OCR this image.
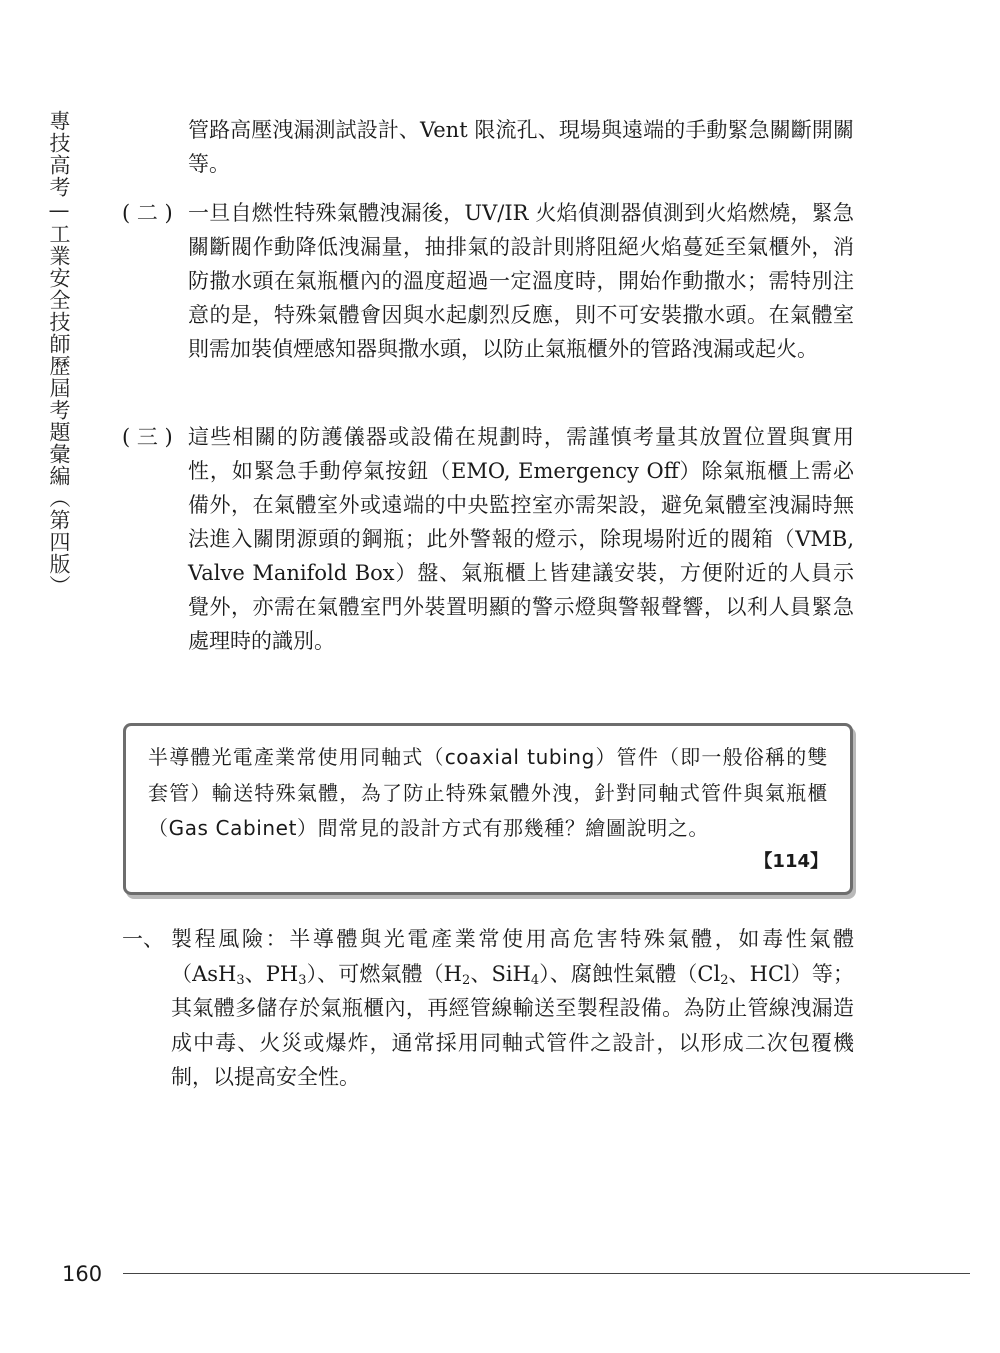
專技高考—工業安全技師歷屆考題彙編（第四版）	管路高壓洩漏測試設計、Vent 限流孔、現場與遠端的手動緊急關斷開關等。

( 二 ) 一旦自燃性特殊氣體洩漏後，UV/IR 火焰偵測器偵測到火焰燃燒，緊急關斷閥作動降低洩漏量，抽排氣的設計則將阻絕火焰蔓延至氣櫃外，消防撒水頭在氣瓶櫃內的溫度超過一定溫度時，開始作動撒水；需特別注意的是，特殊氣體會因與水起劇烈反應，則不可安裝撒水頭。在氣體室則需加裝偵煙感知器與撒水頭，以防止氣瓶櫃外的管路洩漏或起火。

( 三 ) 這些相關的防護儀器或設備在規劃時，需謹慎考量其放置位置與實用性，如緊急手動停氣按鈕（EMO, Emergency Off）除氣瓶櫃上需必備外，在氣體室外或遠端的中央監控室亦需架設，避免氣體室洩漏時無法進入關閉源頭的鋼瓶；此外警報的燈示，除現場附近的閥箱（VMB, Valve Manifold Box）盤、氣瓶櫃上皆建議安裝，方便附近的人員示覺外，亦需在氣體室門外裝置明顯的警示燈與警報聲響，以利人員緊急處理時的識別。

半導體光電產業常使用同軸式（coaxial tubing）管件（即一般俗稱的雙套管）輸送特殊氣體，為了防止特殊氣體外洩，針對同軸式管件與氣瓶櫃（Gas Cabinet）間常見的設計方式有那幾種？繪圖說明之。

【114】
一、 製程風險：半導體與光電產業常使用高危害特殊氣體，如毒性氣體（AsH$_3$、$PH_3$）、可燃氣體（$H_2$、SiH$_4$）、腐蝕性氣體（$Cl_2$、HCl）等；其氣體多儲存於氣瓶櫃內，再經管線輸送至製程設備。為防止管線洩漏造成中毒、火災或爆炸，通常採用同軸式管件之設計，以形成二次包覆機制，以提高安全性。

160
